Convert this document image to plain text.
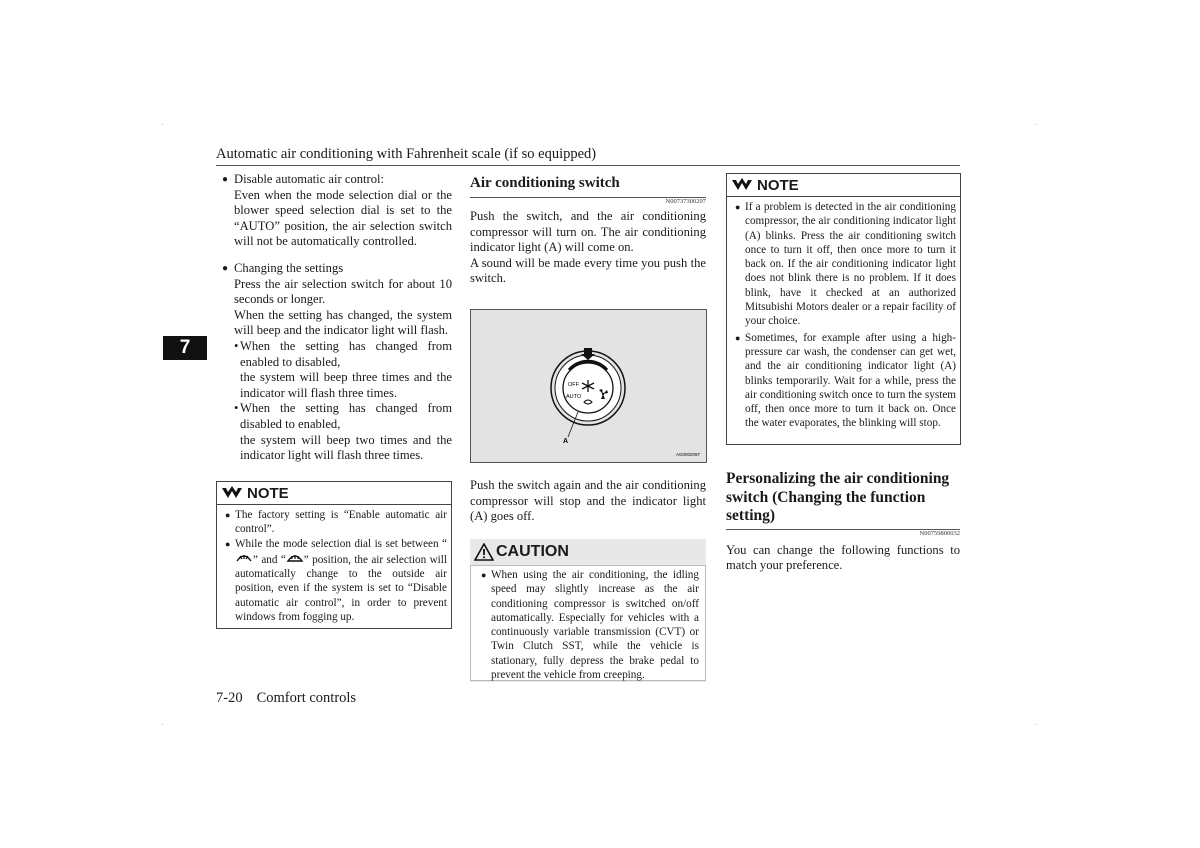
Automatic air conditioning with Fahrenheit scale (if so equipped)
7
● Disable automatic air control:
Even when the mode selection dial or the blower speed selection dial is set to the “AUTO” position, the air selection switch will not be automatically controlled.
● Changing the settings
Press the air selection switch for about 10 seconds or longer.
When the setting has changed, the system will beep and the indicator light will flash.
• When the setting has changed from enabled to disabled,
the system will beep three times and the indicator will flash three times.
• When the setting has changed from disabled to enabled,
the system will beep two times and the indicator light will flash three times.
NOTE
● The factory setting is “Enable automatic air control”.
● While the mode selection dial is set between “” and “ ” position, the air selection will automatically change to the outside air position, even if the system is set to “Disable automatic air control”, in order to prevent windows from fogging up.
Air conditioning switch
N00737300297
Push the switch, and the air conditioning compressor will turn on. The air conditioning indicator light (A) will come on.
A sound will be made every time you push the switch.
OFF
AUTO
A
AG0002097
Push the switch again and the air conditioning compressor will stop and the indicator light (A) goes off.
CAUTION
● When using the air conditioning, the idling speed may slightly increase as the air conditioning compressor is switched on/off automatically. Especially for vehicles with a continuously variable transmission (CVT) or Twin Clutch SST, while the vehicle is stationary, fully depress the brake pedal to prevent the vehicle from creeping.
NOTE
● If a problem is detected in the air conditioning compressor, the air conditioning indicator light (A) blinks. Press the air conditioning switch once to turn it off, then once more to turn it back on. If the air conditioning indicator light does not blink there is no problem. If it does blink, have it checked at an authorized Mitsubishi Motors dealer or a repair facility of your choice.
● Sometimes, for example after using a high-pressure car wash, the condenser can get wet, and the air conditioning indicator light (A) blinks temporarily. Wait for a while, press the air conditioning switch once to turn the system off, then once more to turn it back on. Once the water evaporates, the blinking will stop.
Personalizing the air conditioning switch (Changing the function setting)
N00759800032
You can change the following functions to match your preference.
7-20 Comfort controls
